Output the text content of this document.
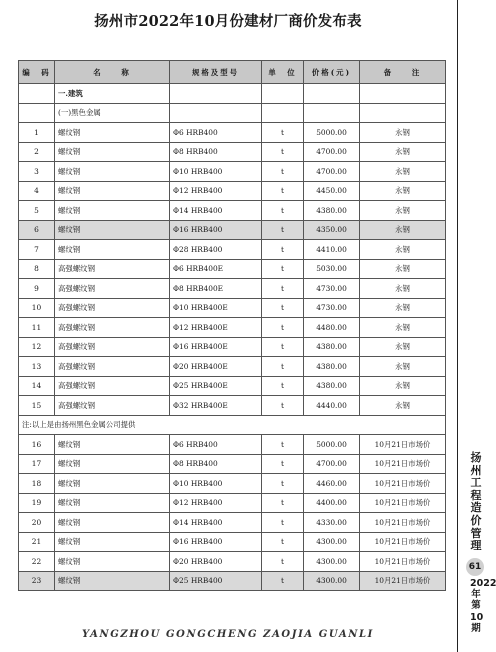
扬州市2022年10月份建材厂商价发布表
编　码	名　　称	规格及型号	单　位	价格(元)	备　　注
	一.建筑				
	(一)黑色金属				
1	螺纹钢	Φ6 HRB400	t	5000.00	永钢
2	螺纹钢	Φ8 HRB400	t	4700.00	永钢
3	螺纹钢	Φ10 HRB400	t	4700.00	永钢
4	螺纹钢	Φ12 HRB400	t	4450.00	永钢
5	螺纹钢	Φ14 HRB400	t	4380.00	永钢
6	螺纹钢	Φ16 HRB400	t	4350.00	永钢
7	螺纹钢	Φ28 HRB400	t	4410.00	永钢
8	高强螺纹钢	Φ6 HRB400E	t	5030.00	永钢
9	高强螺纹钢	Φ8 HRB400E	t	4730.00	永钢
10	高强螺纹钢	Φ10 HRB400E	t	4730.00	永钢
11	高强螺纹钢	Φ12 HRB400E	t	4480.00	永钢
12	高强螺纹钢	Φ16 HRB400E	t	4380.00	永钢
13	高强螺纹钢	Φ20 HRB400E	t	4380.00	永钢
14	高强螺纹钢	Φ25 HRB400E	t	4380.00	永钢
15	高强螺纹钢	Φ32 HRB400E	t	4440.00	永钢
注:以上是由扬州黑色金属公司提供					
16	螺纹钢	Φ6 HRB400	t	5000.00	10月21日市场价
17	螺纹钢	Φ8 HRB400	t	4700.00	10月21日市场价
18	螺纹钢	Φ10 HRB400	t	4460.00	10月21日市场价
19	螺纹钢	Φ12 HRB400	t	4400.00	10月21日市场价
20	螺纹钢	Φ14 HRB400	t	4330.00	10月21日市场价
21	螺纹钢	Φ16 HRB400	t	4300.00	10月21日市场价
22	螺纹钢	Φ20 HRB400	t	4300.00	10月21日市场价
23	螺纹钢	Φ25 HRB400	t	4300.00	10月21日市场价
扬州工程造价管理
61
2022年第10期
YANGZHOU GONGCHENG ZAOJIA GUANLI
